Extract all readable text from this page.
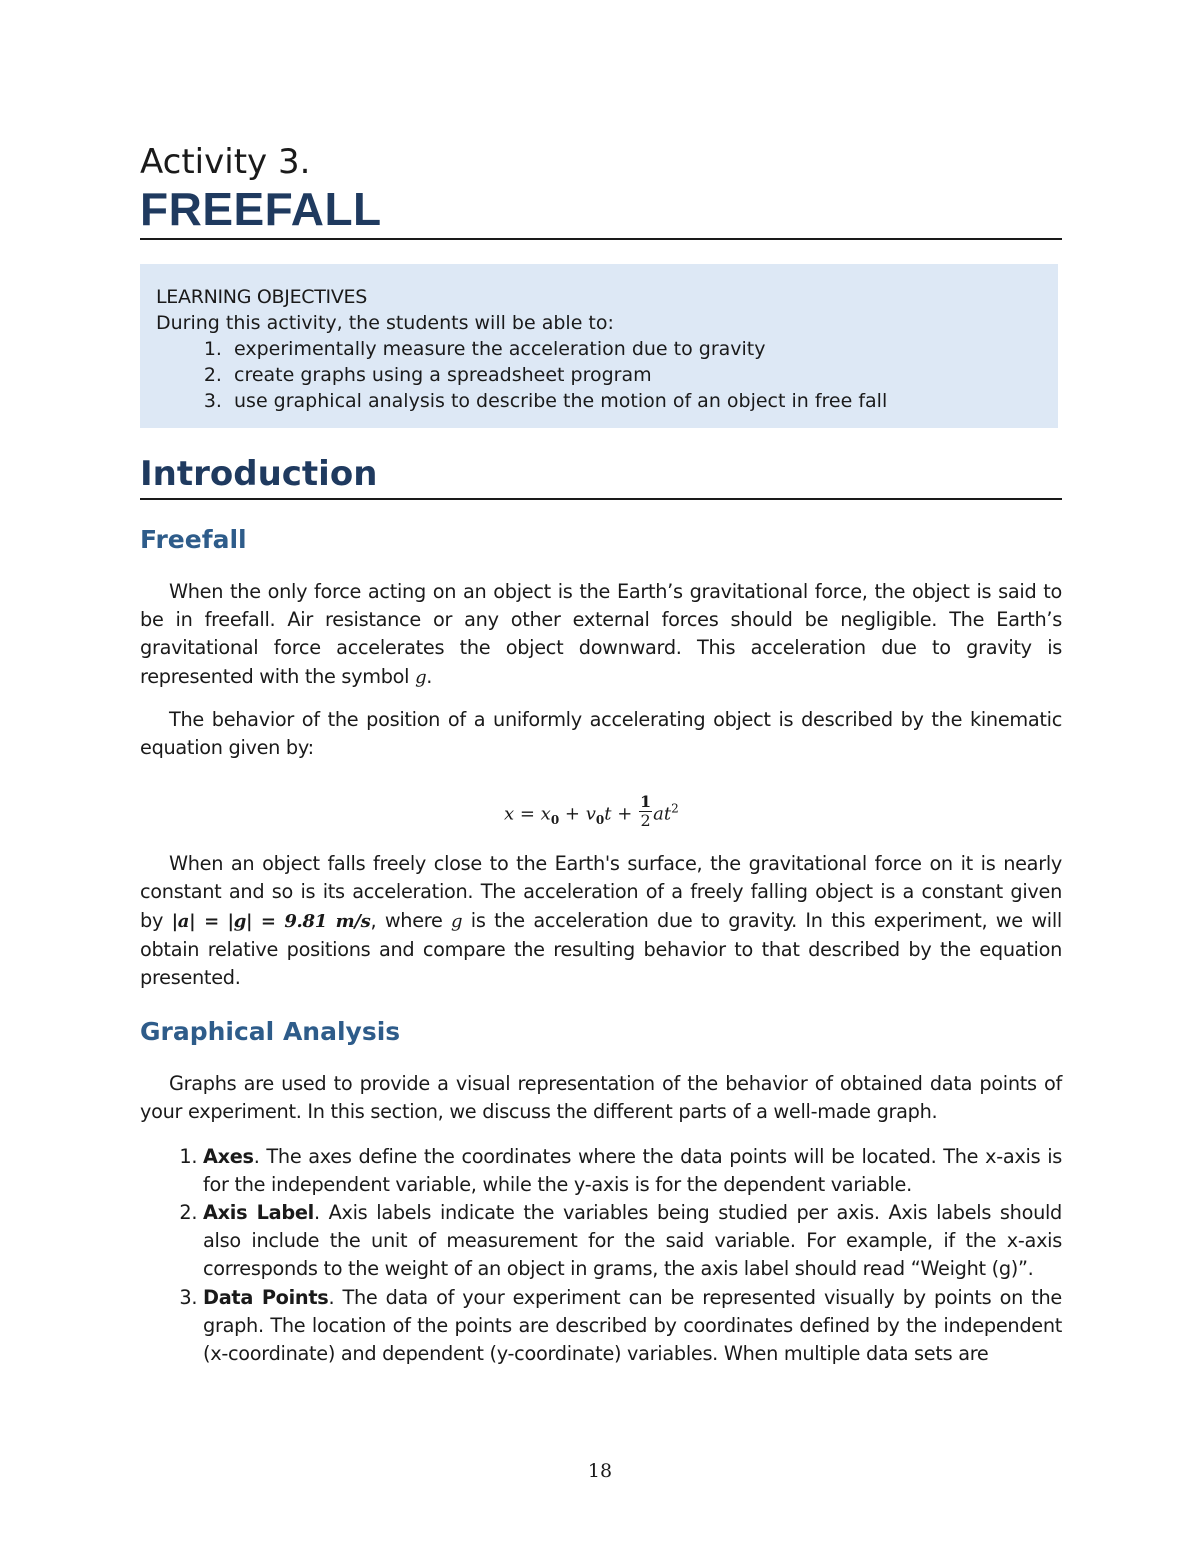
Activity 3.
FREEFALL
LEARNING OBJECTIVES
During this activity, the students will be able to:
1. experimentally measure the acceleration due to gravity
2. create graphs using a spreadsheet program
3. use graphical analysis to describe the motion of an object in free fall
Introduction
Freefall

When the only force acting on an object is the Earth’s gravitational force, the object is said to be in freefall. Air resistance or any other external forces should be negligible. The Earth’s gravitational force accelerates the object downward. This acceleration due to gravity is represented with the symbol g.

The behavior of the position of a uniformly accelerating object is described by the kinematic equation given by:

$x = x_0 + v_0t + \frac{1}{2} at^2$

When an object falls freely close to the Earth's surface, the gravitational force on it is nearly constant and so is its acceleration. The acceleration of a freely falling object is a constant given by |a| = |g| = 9.81 m/s, where g is the acceleration due to gravity. In this experiment, we will obtain relative positions and compare the resulting behavior to that described by the equation presented.

Graphical Analysis

Graphs are used to provide a visual representation of the behavior of obtained data points of your experiment. In this section, we discuss the different parts of a well-made graph.

1. Axes. The axes define the coordinates where the data points will be located. The x-axis is for the independent variable, while the y-axis is for the dependent variable.
2. Axis Label. Axis labels indicate the variables being studied per axis. Axis labels should also include the unit of measurement for the said variable. For example, if the x-axis corresponds to the weight of an object in grams, the axis label should read “Weight (g)”.
3. Data Points. The data of your experiment can be represented visually by points on the graph. The location of the points are described by coordinates defined by the independent (x-coordinate) and dependent (y-coordinate) variables. When multiple data sets are
18
